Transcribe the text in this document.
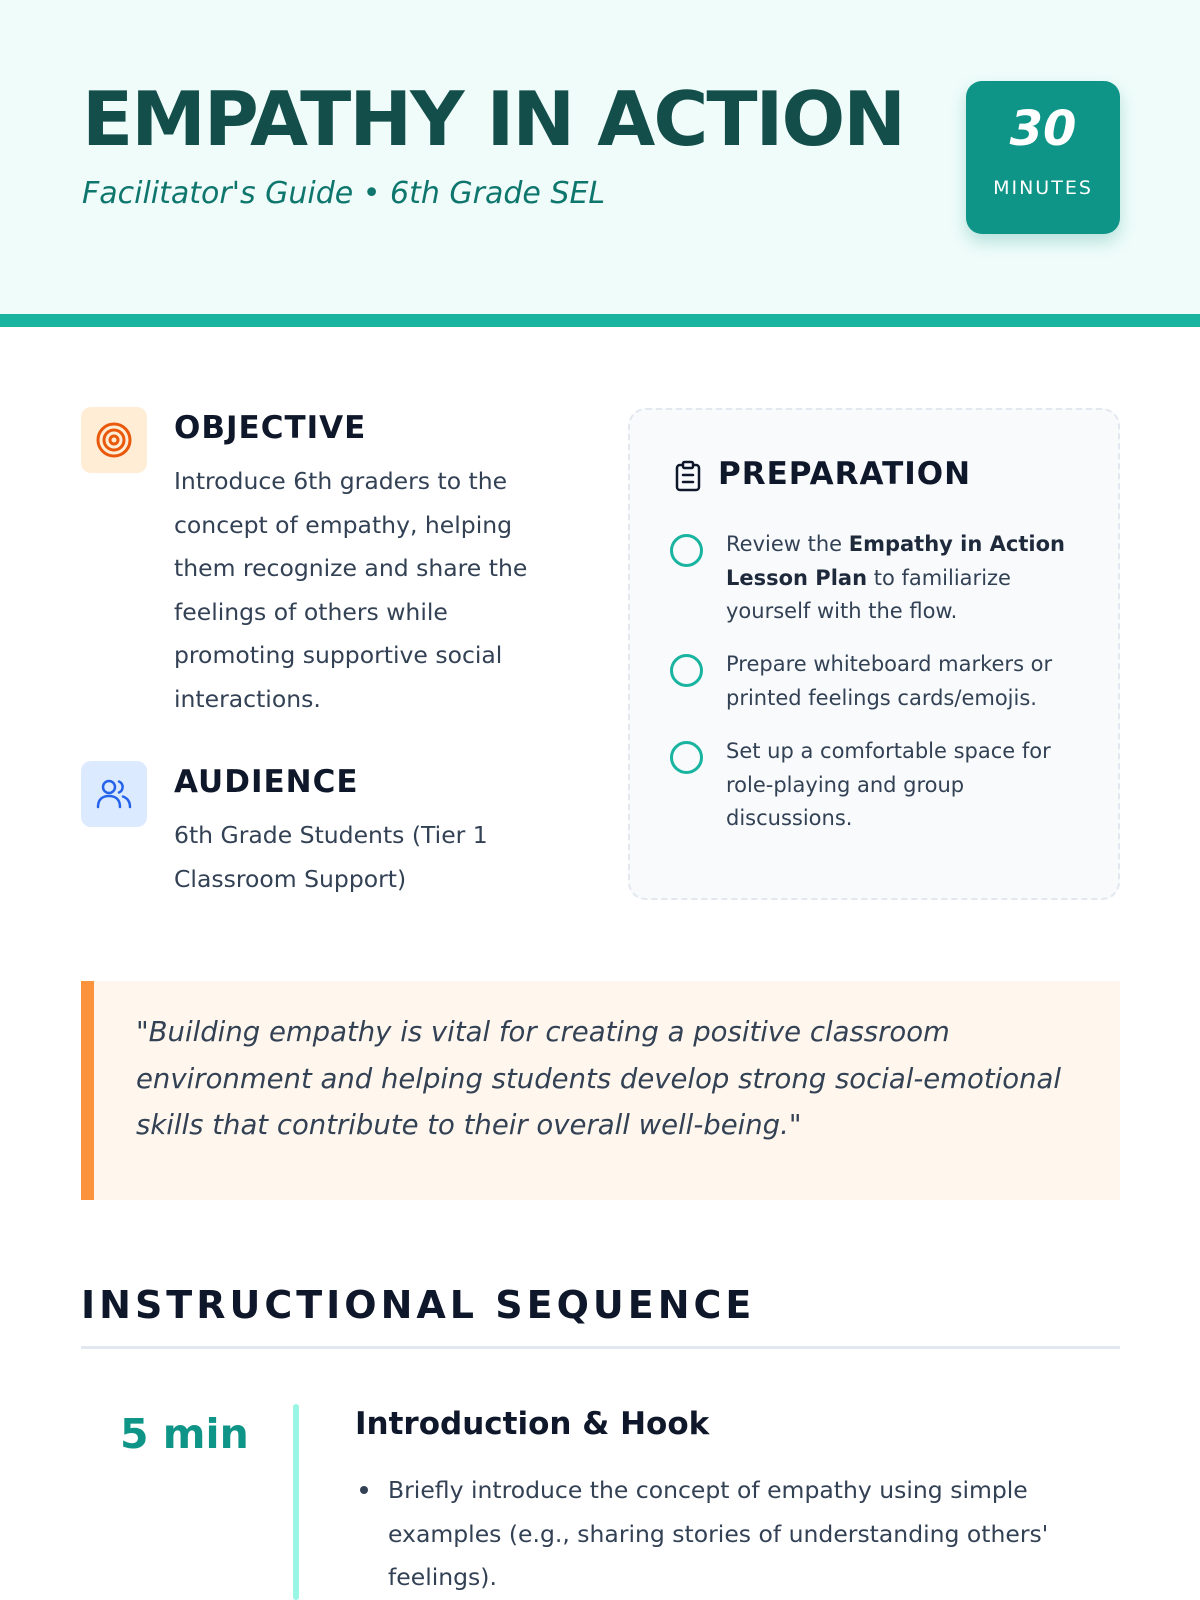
EMPATHY IN ACTION
Facilitator's Guide • 6th Grade SEL
30
MINUTES
OBJECTIVE
Introduce 6th graders to the concept of empathy, helping them recognize and share the feelings of others while promoting supportive social interactions.
AUDIENCE
6th Grade Students (Tier 1 Classroom Support)
PREPARATION
Review the Empathy in Action Lesson Plan to familiarize yourself with the flow.
Prepare whiteboard markers or printed feelings cards/emojis.
Set up a comfortable space for role-playing and group discussions.
"Building empathy is vital for creating a positive classroom environment and helping students develop strong social-emotional skills that contribute to their overall well-being."
INSTRUCTIONAL SEQUENCE
5 min	Introduction & Hook
Briefly introduce the concept of empathy using simple examples (e.g., sharing stories of understanding others' feelings).
